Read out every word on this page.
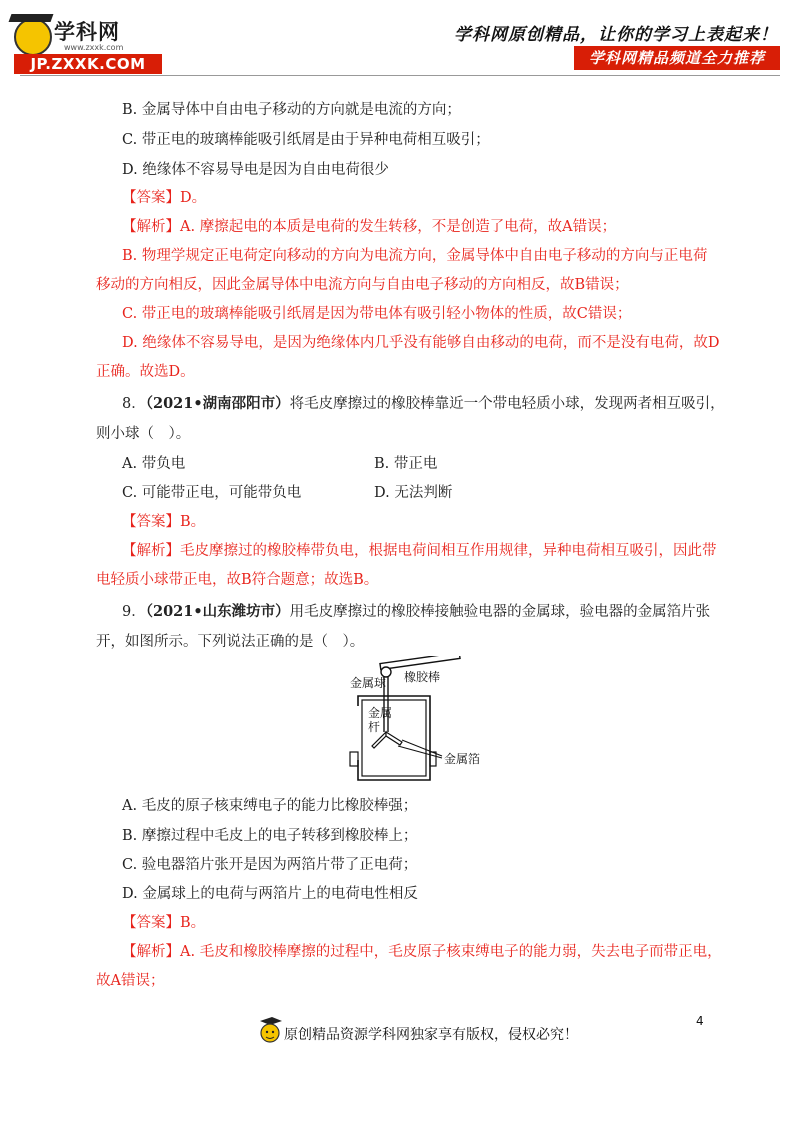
学科网
www.zxxk.com
JP.ZXXK.COM
学科网原创精品，让你的学习上表起来！
学科网精品频道全力推荐
B. 金属导体中自由电子移动的方向就是电流的方向；
C. 带正电的玻璃棒能吸引纸屑是由于异种电荷相互吸引；
D. 绝缘体不容易导电是因为自由电荷很少
【答案】D。
【解析】A. 摩擦起电的本质是电荷的发生转移，不是创造了电荷，故A错误；
B. 物理学规定正电荷定向移动的方向为电流方向，金属导体中自由电子移动的方向与正电荷
移动的方向相反，因此金属导体中电流方向与自由电子移动的方向相反，故B错误；
C. 带正电的玻璃棒能吸引纸屑是因为带电体有吸引轻小物体的性质，故C错误；
D. 绝缘体不容易导电，是因为绝缘体内几乎没有能够自由移动的电荷，而不是没有电荷，故D
正确。故选D。
8．（2021•湖南邵阳市）将毛皮摩擦过的橡胶棒靠近一个带电轻质小球，发现两者相互吸引，
则小球（　）。
A. 带负电	B. 带正电
C. 可能带正电，可能带负电	D. 无法判断
【答案】B。
【解析】毛皮摩擦过的橡胶棒带负电，根据电荷间相互作用规律，异种电荷相互吸引，因此带
电轻质小球带正电，故B符合题意；故选B。
9．（2021•山东潍坊市）用毛皮摩擦过的橡胶棒接触验电器的金属球，验电器的金属箔片张
开，如图所示。下列说法正确的是（　）。
金属球 橡胶棒
金属
杆
金属箔
A. 毛皮的原子核束缚电子的能力比橡胶棒强；
B. 摩擦过程中毛皮上的电子转移到橡胶棒上；
C. 验电器箔片张开是因为两箔片带了正电荷；
D. 金属球上的电荷与两箔片上的电荷电性相反
【答案】B。
【解析】A. 毛皮和橡胶棒摩擦的过程中，毛皮原子核束缚电子的能力弱，失去电子而带正电，
故A错误；
4
原创精品资源学科网独家享有版权，侵权必究！
